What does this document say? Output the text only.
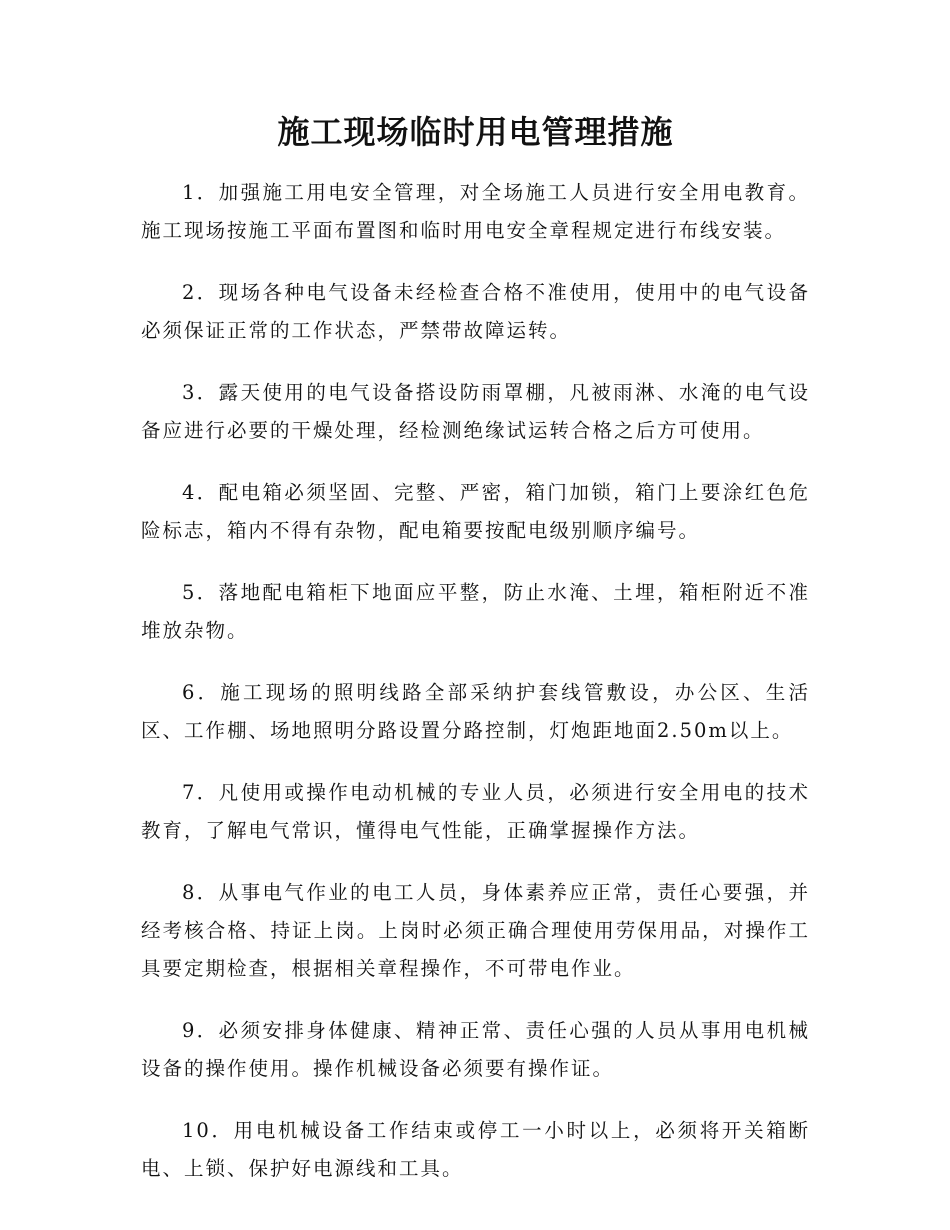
施工现场临时用电管理措施

1．加强施工用电安全管理，对全场施工人员进行安全用电教育。施工现场按施工平面布置图和临时用电安全章程规定进行布线安装。

2．现场各种电气设备未经检查合格不准使用，使用中的电气设备必须保证正常的工作状态，严禁带故障运转。

3．露天使用的电气设备搭设防雨罩棚，凡被雨淋、水淹的电气设备应进行必要的干燥处理，经检测绝缘试运转合格之后方可使用。

4．配电箱必须坚固、完整、严密，箱门加锁，箱门上要涂红色危险标志，箱内不得有杂物，配电箱要按配电级别顺序编号。

5．落地配电箱柜下地面应平整，防止水淹、土埋，箱柜附近不准堆放杂物。

6．施工现场的照明线路全部采纳护套线管敷设，办公区、生活区、工作棚、场地照明分路设置分路控制，灯炮距地面2.50m以上。

7．凡使用或操作电动机械的专业人员，必须进行安全用电的技术教育，了解电气常识，懂得电气性能，正确掌握操作方法。

8．从事电气作业的电工人员，身体素养应正常，责任心要强，并经考核合格、持证上岗。上岗时必须正确合理使用劳保用品，对操作工具要定期检查，根据相关章程操作，不可带电作业。

9．必须安排身体健康、精神正常、责任心强的人员从事用电机械设备的操作使用。操作机械设备必须要有操作证。

10．用电机械设备工作结束或停工一小时以上，必须将开关箱断电、上锁、保护好电源线和工具。
